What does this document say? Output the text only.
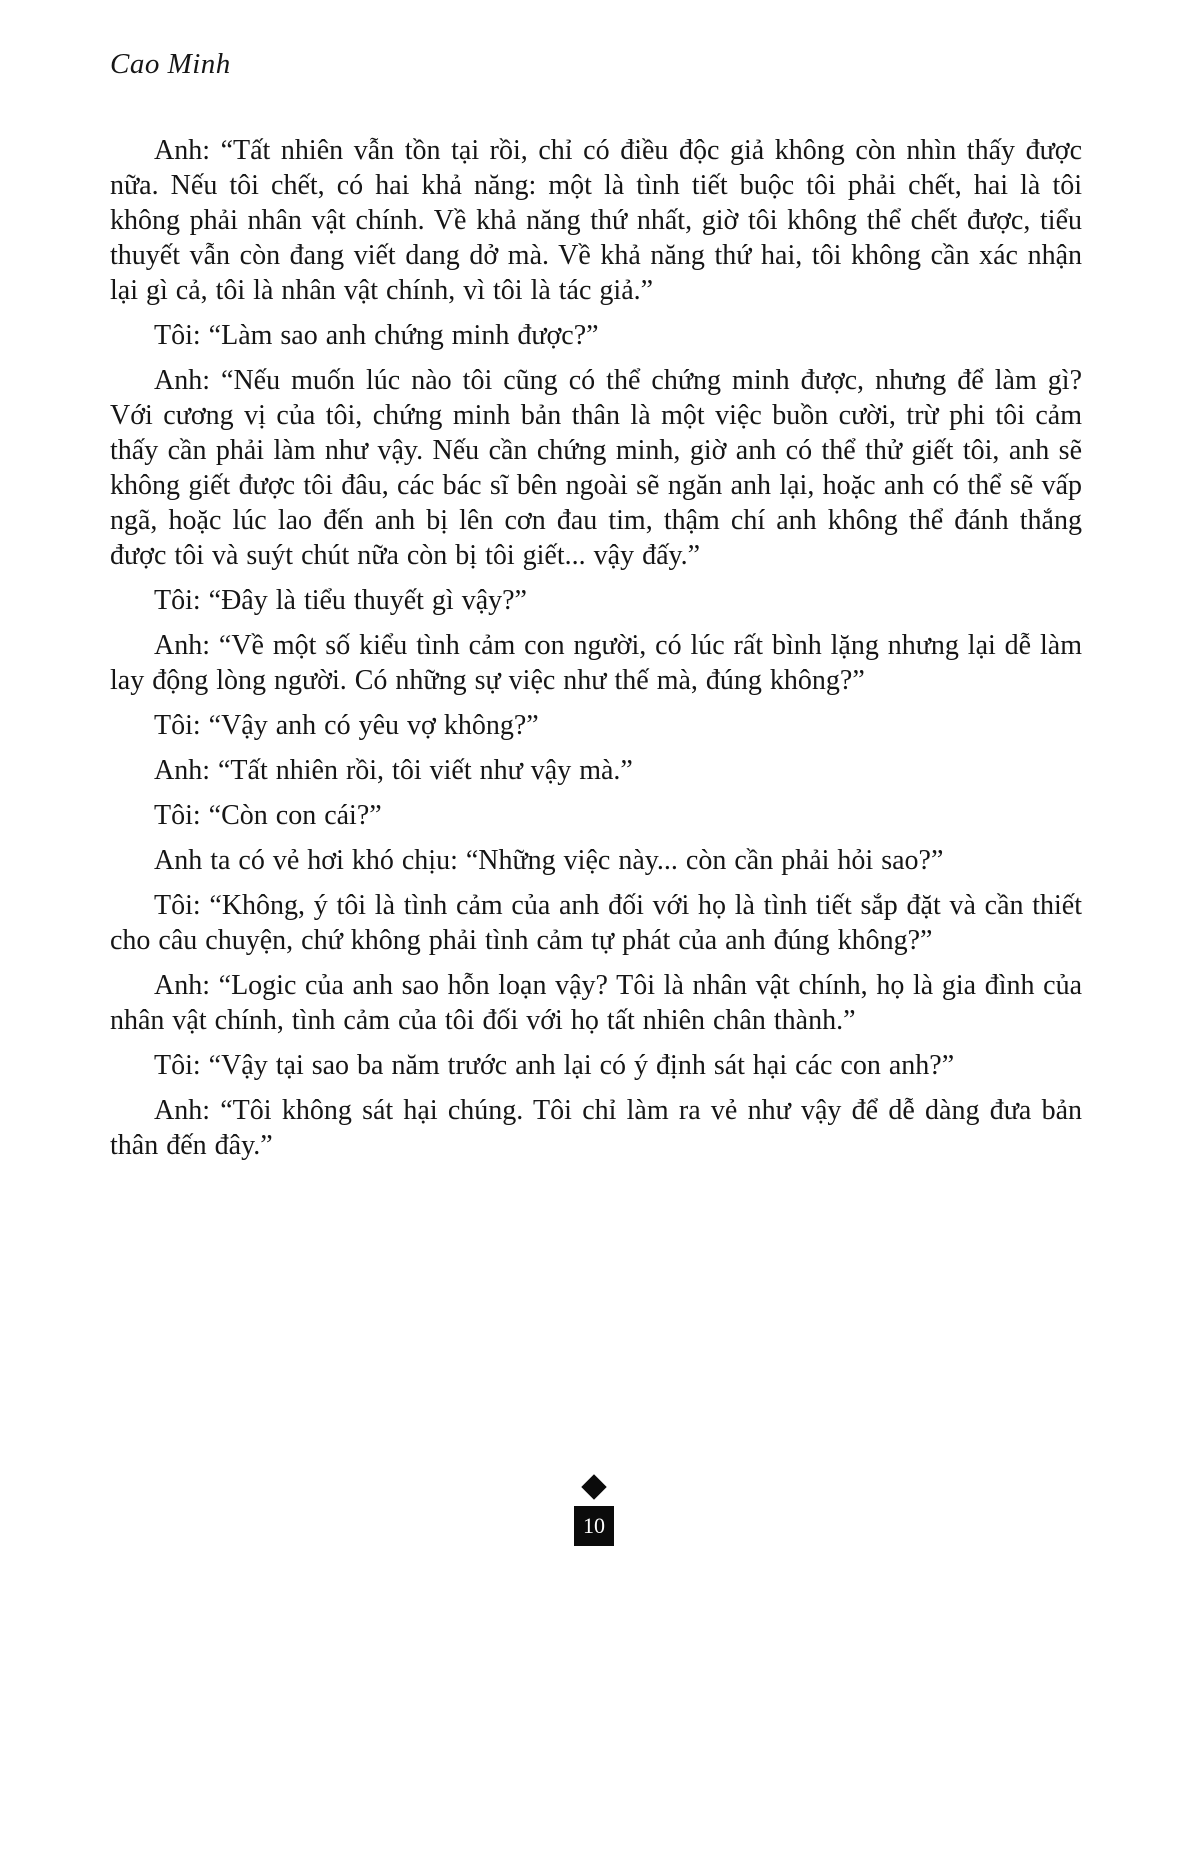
Cao Minh

Anh: “Tất nhiên vẫn tồn tại rồi, chỉ có điều độc giả không còn nhìn thấy được nữa. Nếu tôi chết, có hai khả năng: một là tình tiết buộc tôi phải chết, hai là tôi không phải nhân vật chính. Về khả năng thứ nhất, giờ tôi không thể chết được, tiểu thuyết vẫn còn đang viết dang dở mà. Về khả năng thứ hai, tôi không cần xác nhận lại gì cả, tôi là nhân vật chính, vì tôi là tác giả.”

Tôi: “Làm sao anh chứng minh được?”

Anh: “Nếu muốn lúc nào tôi cũng có thể chứng minh được, nhưng để làm gì? Với cương vị của tôi, chứng minh bản thân là một việc buồn cười, trừ phi tôi cảm thấy cần phải làm như vậy. Nếu cần chứng minh, giờ anh có thể thử giết tôi, anh sẽ không giết được tôi đâu, các bác sĩ bên ngoài sẽ ngăn anh lại, hoặc anh có thể sẽ vấp ngã, hoặc lúc lao đến anh bị lên cơn đau tim, thậm chí anh không thể đánh thắng được tôi và suýt chút nữa còn bị tôi giết... vậy đấy.”

Tôi: “Đây là tiểu thuyết gì vậy?”

Anh: “Về một số kiểu tình cảm con người, có lúc rất bình lặng nhưng lại dễ làm lay động lòng người. Có những sự việc như thế mà, đúng không?”

Tôi: “Vậy anh có yêu vợ không?”

Anh: “Tất nhiên rồi, tôi viết như vậy mà.”

Tôi: “Còn con cái?”

Anh ta có vẻ hơi khó chịu: “Những việc này... còn cần phải hỏi sao?”

Tôi: “Không, ý tôi là tình cảm của anh đối với họ là tình tiết sắp đặt và cần thiết cho câu chuyện, chứ không phải tình cảm tự phát của anh đúng không?”

Anh: “Logic của anh sao hỗn loạn vậy? Tôi là nhân vật chính, họ là gia đình của nhân vật chính, tình cảm của tôi đối với họ tất nhiên chân thành.”

Tôi: “Vậy tại sao ba năm trước anh lại có ý định sát hại các con anh?”

Anh: “Tôi không sát hại chúng. Tôi chỉ làm ra vẻ như vậy để dễ dàng đưa bản thân đến đây.”

10
